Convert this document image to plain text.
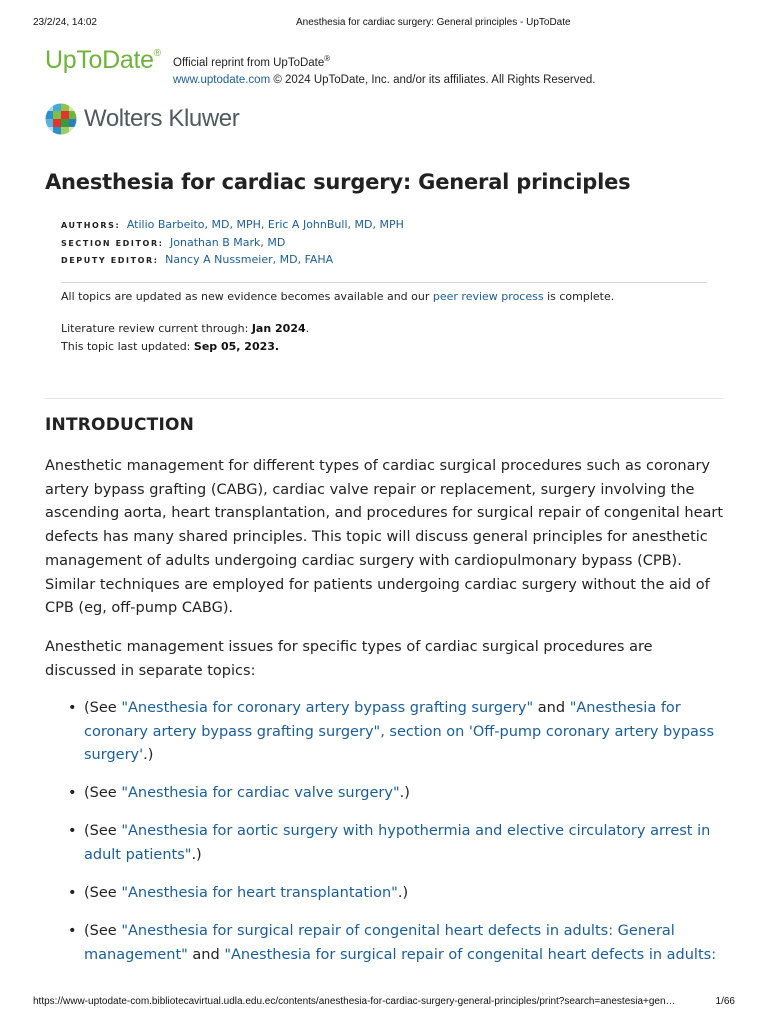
23/2/24, 14:02	Anesthesia for cardiac surgery: General principles - UpToDate
UpToDate®
Official reprint from UpToDate®
www.uptodate.com © 2024 UpToDate, Inc. and/or its affiliates. All Rights Reserved.
Wolters Kluwer
Anesthesia for cardiac surgery: General principles
AUTHORS: Atilio Barbeito, MD, MPH, Eric A JohnBull, MD, MPH
SECTION EDITOR: Jonathan B Mark, MD
DEPUTY EDITOR: Nancy A Nussmeier, MD, FAHA
All topics are updated as new evidence becomes available and our peer review process is complete.
Literature review current through: Jan 2024.
This topic last updated: Sep 05, 2023.
INTRODUCTION

Anesthetic management for different types of cardiac surgical procedures such as coronary artery bypass grafting (CABG), cardiac valve repair or replacement, surgery involving the ascending aorta, heart transplantation, and procedures for surgical repair of congenital heart defects has many shared principles. This topic will discuss general principles for anesthetic management of adults undergoing cardiac surgery with cardiopulmonary bypass (CPB). Similar techniques are employed for patients undergoing cardiac surgery without the aid of CPB (eg, off-pump CABG).

Anesthetic management issues for specific types of cardiac surgical procedures are discussed in separate topics:

• (See "Anesthesia for coronary artery bypass grafting surgery" and "Anesthesia for coronary artery bypass grafting surgery", section on 'Off-pump coronary artery bypass surgery'.)
• (See "Anesthesia for cardiac valve surgery".)
• (See "Anesthesia for aortic surgery with hypothermia and elective circulatory arrest in adult patients".)
• (See "Anesthesia for heart transplantation".)
• (See "Anesthesia for surgical repair of congenital heart defects in adults: General management" and "Anesthesia for surgical repair of congenital heart defects in adults:
https://www-uptodate-com.bibliotecavirtual.udla.edu.ec/contents/anesthesia-for-cardiac-surgery-general-principles/print?search=anestesia+gen…	1/66
